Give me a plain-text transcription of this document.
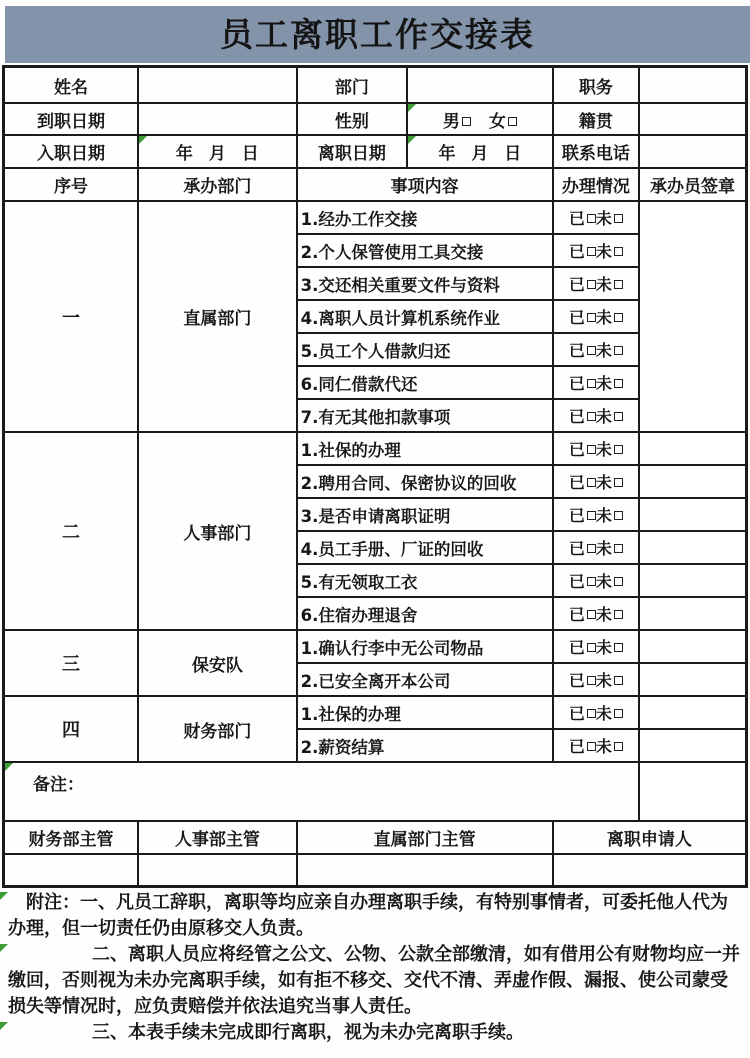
员工离职工作交接表
姓名		部门		职务	
到职日期		性别	男 女	籍贯	
入职日期	年 月 日	离职日期	年 月 日	联系电话	
序号	承办部门	事项内容		办理情况	承办员签章
一	直属部门	1.经办工作交接		已 未	
		2.个人保管使用工具交接		已 未	
		3.交还相关重要文件与资料		已 未	
		4.离职人员计算机系统作业		已 未	
		5.员工个人借款归还		已 未	
		6.同仁借款代还		已 未	
		7.有无其他扣款事项		已 未	
二	人事部门	1.社保的办理		已 未	
		2.聘用合同、保密协议的回收		已 未	
		3.是否申请离职证明		已 未	
		4.员工手册、厂证的回收		已 未	
		5.有无领取工衣		已 未	
		6.住宿办理退舍		已 未	
三	保安队	1.确认行李中无公司物品		已 未	
		2.已安全离开本公司		已 未	
四	财务部门	1.社保的办理		已 未	
		2.薪资结算		已 未	
备注：					
财务部主管	人事部主管	直属部门主管		离职申请人	

附注：一、凡员工辞职，离职等均应亲自办理离职手续，有特别事情者，可委托他人代为办理，但一切责任仍由原移交人负责。

二、离职人员应将经管之公文、公物、公款全部缴清，如有借用公有财物均应一并缴回，否则视为未办完离职手续，如有拒不移交、交代不清、弄虚作假、漏报、使公司蒙受损失等情况时，应负责赔偿并依法追究当事人责任。

三、本表手续未完成即行离职，视为未办完离职手续。
